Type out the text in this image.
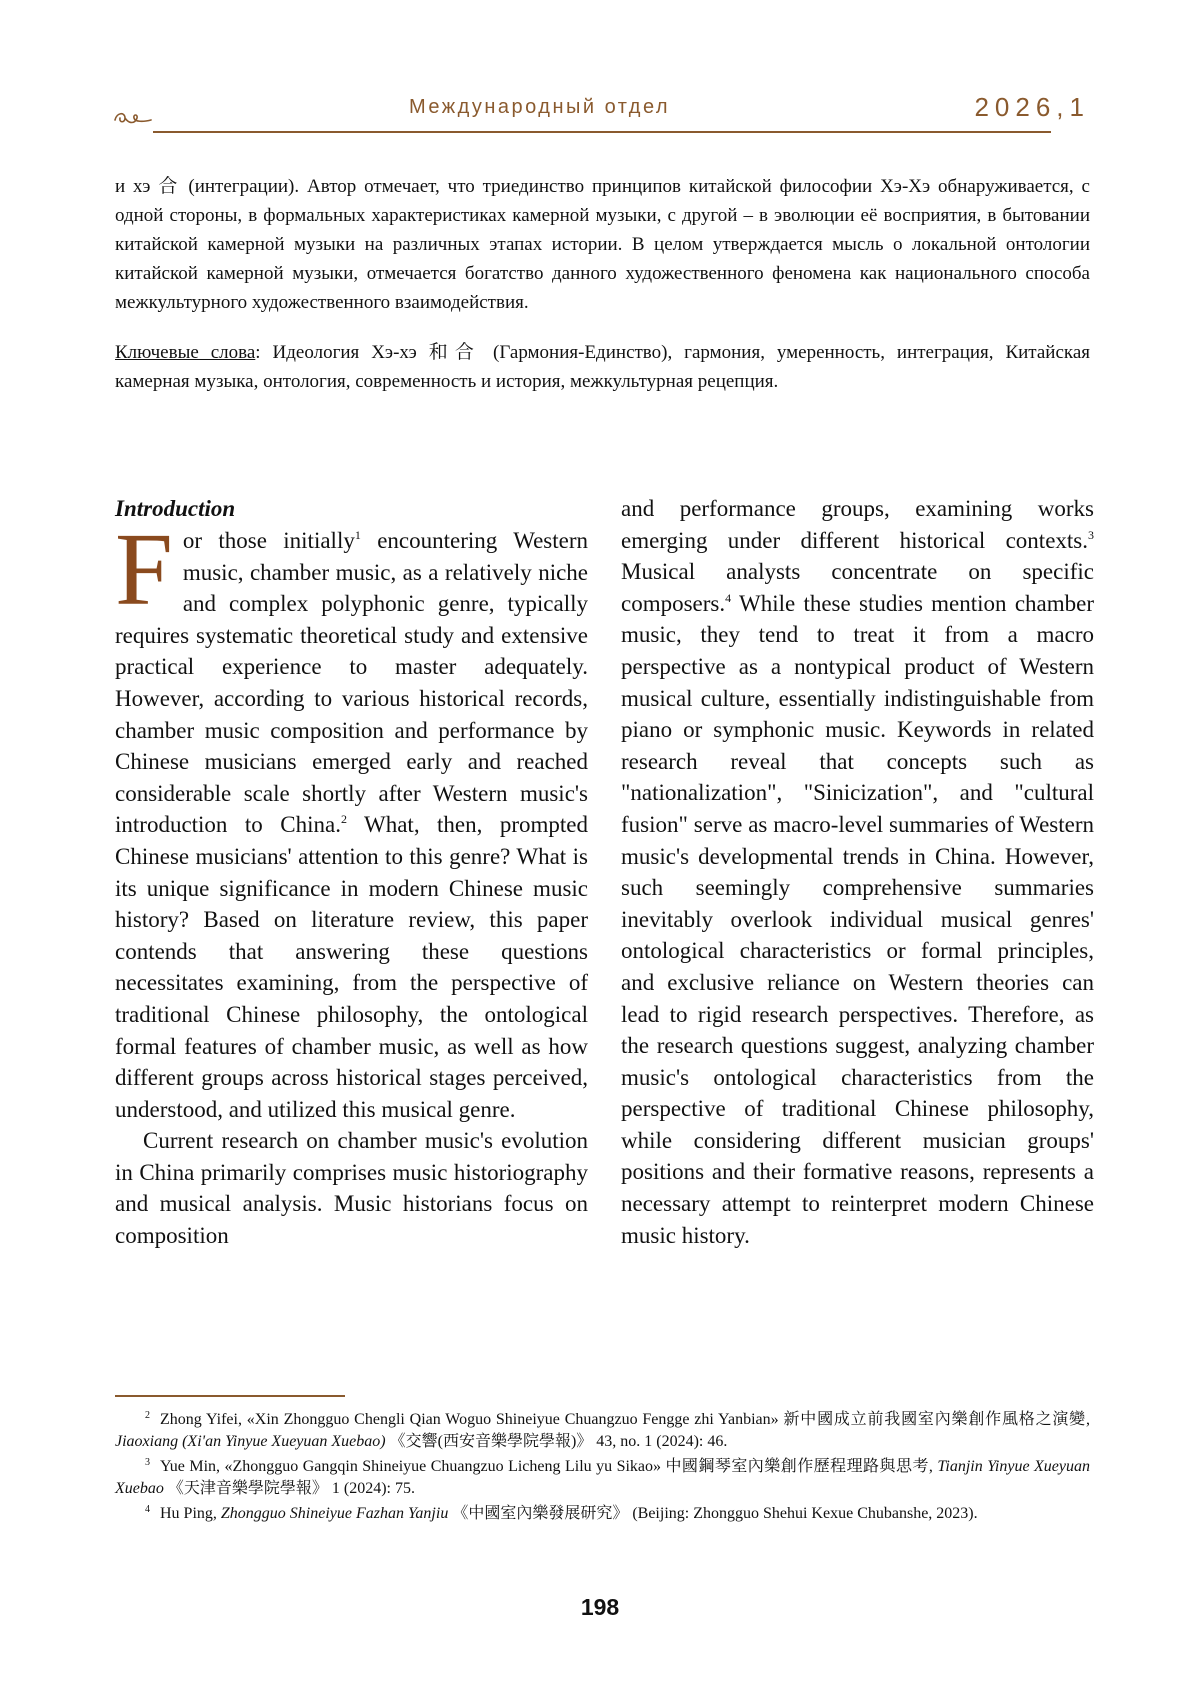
Международный отдел	2026,1

и хэ 合 (интеграции). Автор отмечает, что триединство принципов китайской философии Хэ-Хэ обнаруживается, с одной стороны, в формальных характеристиках камерной музыки, с другой – в эволюции её восприятия, в бытовании китайской камерной музыки на различных этапах истории. В целом утверждается мысль о локальной онтологии китайской камерной музыки, отмечается богатство данного художественного феномена как национального способа межкультурного художественного взаимодействия.

Ключевые слова: Идеология Хэ-хэ 和合 (Гармония-Единство), гармония, умеренность, интеграция, Китайская камерная музыка, онтология, современность и история, межкультурная рецепция.

Introduction

For those initially$^1$ encountering Western music, chamber music, as a relatively niche and complex polyphonic genre, typically requires systematic theoretical study and extensive practical experience to master adequately. However, according to various historical records, chamber music composition and performance by Chinese musicians emerged early and reached considerable scale shortly after Western music's introduction to China.$^2$ What, then, prompted Chinese musicians' attention to this genre? What is its unique significance in modern Chinese music history? Based on literature review, this paper contends that answering these questions necessitates examining, from the perspective of traditional Chinese philosophy, the ontological formal features of chamber music, as well as how different groups across historical stages perceived, understood, and utilized this musical genre.

Current research on chamber music's evolution in China primarily comprises music historiography and musical analysis. Music historians focus on composition

and performance groups, examining works emerging under different historical contexts.$^3$ Musical analysts concentrate on specific composers.$^4$ While these studies mention chamber music, they tend to treat it from a macro perspective as a nontypical product of Western musical culture, essentially indistinguishable from piano or symphonic music. Keywords in related research reveal that concepts such as "nationalization", "Sinicization", and "cultural fusion" serve as macro-level summaries of Western music's developmental trends in China. However, such seemingly comprehensive summaries inevitably overlook individual musical genres' ontological characteristics or formal principles, and exclusive reliance on Western theories can lead to rigid research perspectives. Therefore, as the research questions suggest, analyzing chamber music's ontological characteristics from the perspective of traditional Chinese philosophy, while considering different musician groups' positions and their formative reasons, represents a necessary attempt to reinterpret modern Chinese music history.

$^2$ Zhong Yifei, «Xin Zhongguo Chengli Qian Woguo Shineiyue Chuangzuo Fengge zhi Yanbian» 新中國成立前我國室內樂創作風格之演變, Jiaoxiang (Xi'an Yinyue Xueyuan Xuebao) 《交響(西安音樂學院學報)》 43, no. 1 (2024): 46.

$^3$ Yue Min, «Zhongguo Gangqin Shineiyue Chuangzuo Licheng Lilu yu Sikao» 中國鋼琴室內樂創作歷程理路與思考, Tianjin Yinyue Xueyuan Xuebao 《天津音樂學院學報》 1 (2024): 75.

$^4$ Hu Ping, Zhongguo Shineiyue Fazhan Yanjiu 《中國室內樂發展研究》 (Beijing: Zhongguo Shehui Kexue Chubanshe, 2023).

198
